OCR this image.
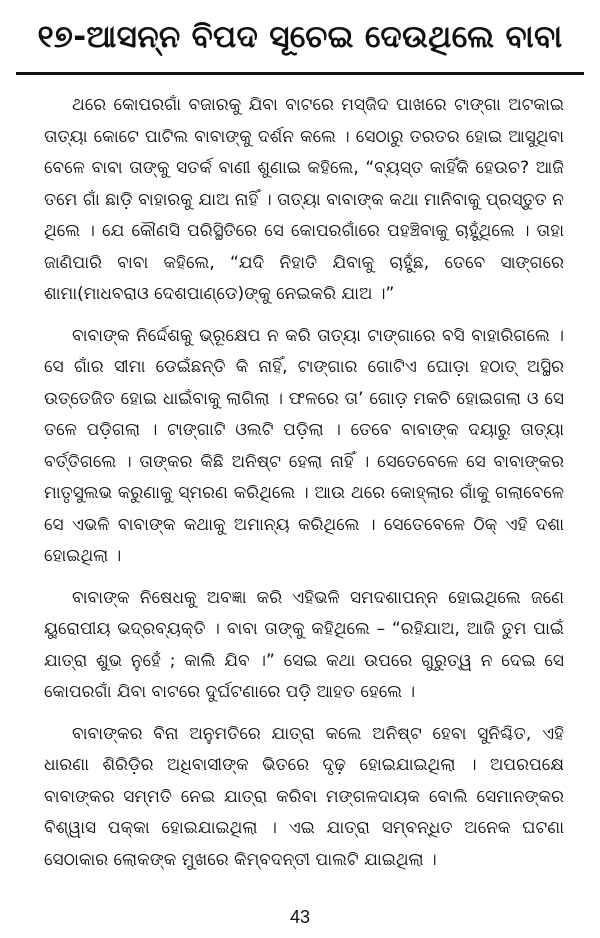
୧୭-ଆସନ୍ନ ବିପଦ ସୂଚେଇ ଦେଉଥିଲେ ବାବା

ଥରେ କୋପରଗାଁ ବଜାରକୁ ଯିବା ବାଟରେ ମସ୍‌ଜିଦ ପାଖରେ ଟାଙ୍ଗା ଅଟକାଇ ତାତ୍ୟା କୋଟେ ପାଟିଲ ବାବାଙ୍କୁ ଦର୍ଶନ କଲେ । ସେଠାରୁ ତରତର ହୋଇ ଆସୁଥିବା ବେଳେ ବାବା ତାଙ୍କୁ ସତର୍କ ବାଣୀ ଶୁଣାଇ କହିଲେ, “ବ୍ୟସ୍ତ କାହିଁକି ହେଉଚ? ଆଜି ତମେ ଗାଁ ଛାଡ଼ି ବାହାରକୁ ଯାଅ ନାହିଁ । ତାତ୍ୟା ବାବାଙ୍କ କଥା ମାନିବାକୁ ପ୍ରସ୍ତୁତ ନ ଥିଲେ । ଯେ କୌଣସି ପରିସ୍ଥିତିରେ ସେ କୋପରଗାଁରେ ପହଞ୍ଚିବାକୁ ଚାହୁଁଥିଲେ । ତାହା ଜାଣିପାରି ବାବା କହିଲେ, “ଯଦି ନିହାତି ଯିବାକୁ ଚାହୁଁଛ, ତେବେ ସାଙ୍ଗରେ ଶାମା(ମାଧବରାଓ ଦେଶପାଣ୍ଡେ)ଙ୍କୁ ନେଇକରି ଯାଅ ।”

ବାବାଙ୍କ ନିର୍ଦ୍ଦେଶକୁ ଭ୍ରୂକ୍ଷେପ ନ କରି ତାତ୍ୟା ଟାଙ୍ଗାରେ ବସି ବାହାରିଗଲେ । ସେ ଗାଁର ସୀମା ଡେଇଁଛନ୍ତି କି ନାହିଁ, ଟାଙ୍ଗାର ଗୋଟିଏ ଘୋଡ଼ା ହଠାତ୍ ଅସ୍ଥିର ଉତ୍ତେଜିତ ହୋଇ ଧାଇଁବାକୁ ଲାଗିଲା । ଫଳରେ ତା’ ଗୋଡ଼ ମକଚି ହୋଇଗଲା ଓ ସେ ତଳେ ପଡ଼ିଗଲା । ଟାଙ୍ଗାଟି ଓଲଟି ପଡ଼ିଲା । ତେବେ ବାବାଙ୍କ ଦୟାରୁ ତାତ୍ୟା ବର୍ତ୍ତିଗଲେ । ତାଙ୍କର କିଛି ଅନିଷ୍ଟ ହେଲା ନାହିଁ । ସେତେବେଳେ ସେ ବାବାଙ୍କର ମାତୃସୁଲଭ କରୁଣାକୁ ସ୍ମରଣ କରିଥିଲେ । ଆଉ ଥରେ କୋହ୍ଲାର ଗାଁକୁ ଗଲାବେଳେ ସେ ଏଭଳି ବାବାଙ୍କ କଥାକୁ ଅମାନ୍ୟ କରିଥିଲେ । ସେତେବେଳେ ଠିକ୍ ଏହି ଦଶା ହୋଇଥିଲା ।

ବାବାଙ୍କ ନିଷେଧକୁ ଅବଜ୍ଞା କରି ଏହିଭଳି ସମଦଶାପନ୍ନ ହୋଇଥିଲେ ଜଣେ ୟୁରୋପୀୟ ଭଦ୍ରବ୍ୟକ୍ତି । ବାବା ତାଙ୍କୁ କହିଥିଲେ – “ରହିଯାଅ, ଆଜି ତୁମ ପାଇଁ ଯାତ୍ରା ଶୁଭ ନୁହେଁ ; କାଲି ଯିବ ।” ସେଇ କଥା ଉପରେ ଗୁରୁତ୍ୱ ନ ଦେଇ ସେ କୋପରଗାଁ ଯିବା ବାଟରେ ଦୁର୍ଘଟଣାରେ ପଡ଼ି ଆହତ ହେଲେ ।

ବାବାଙ୍କର ବିନା ଅନୁମତିରେ ଯାତ୍ରା କଲେ ଅନିଷ୍ଟ ହେବା ସୁନିଶ୍ଚିତ, ଏହି ଧାରଣା ଶିରିଡ଼ିର ଅଧିବାସୀଙ୍କ ଭିତରେ ଦୃଢ଼ ହୋଇଯାଇଥିଲା । ଅପରପକ୍ଷେ ବାବାଙ୍କର ସମ୍ମତି ନେଇ ଯାତ୍ରା କରିବା ମଙ୍ଗଳଦାୟକ ବୋଲି ସେମାନଙ୍କର ବିଶ୍ୱାସ ପକ୍‌କା ହୋଇଯାଇଥିଲା । ଏଇ ଯାତ୍ରା ସମ୍ବନ୍ଧିତ ଅନେକ ଘଟଣା ସେଠାକାର ଲୋକଙ୍କ ମୁଖରେ କିମ୍ବଦନ୍ତୀ ପାଲଟି ଯାଇଥିଲା ।

43
